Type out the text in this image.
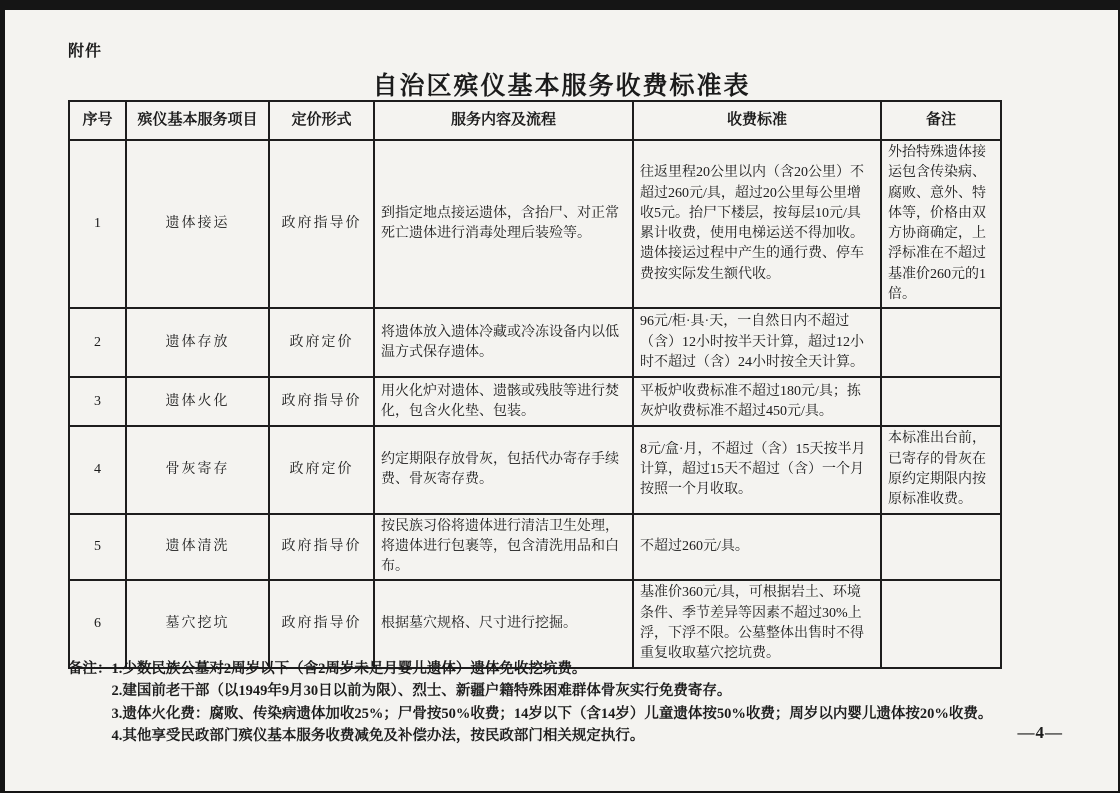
附件
自治区殡仪基本服务收费标准表
序号	殡仪基本服务项目	定价形式	服务内容及流程	收费标准	备注
1	遗体接运	政府指导价	到指定地点接运遗体，含抬尸、对正常死亡遗体进行消毒处理后装殓等。	往返里程20公里以内（含20公里）不超过260元/具，超过20公里每公里增收5元。抬尸下楼层，按每层10元/具累计收费，使用电梯运送不得加收。遗体接运过程中产生的通行费、停车费按实际发生额代收。	外抬特殊遗体接运包含传染病、腐败、意外、特体等，价格由双方协商确定，上浮标准在不超过基准价260元的1倍。
2	遗体存放	政府定价	将遗体放入遗体冷藏或冷冻设备内以低温方式保存遗体。	96元/柜·具·天，一自然日内不超过（含）12小时按半天计算，超过12小时不超过（含）24小时按全天计算。	
3	遗体火化	政府指导价	用火化炉对遗体、遗骸或残肢等进行焚化，包含火化垫、包装。	平板炉收费标准不超过180元/具；拣灰炉收费标准不超过450元/具。	
4	骨灰寄存	政府定价	约定期限存放骨灰，包括代办寄存手续费、骨灰寄存费。	8元/盒·月，不超过（含）15天按半月计算，超过15天不超过（含）一个月按照一个月收取。	本标准出台前，已寄存的骨灰在原约定期限内按原标准收费。
5	遗体清洗	政府指导价	按民族习俗将遗体进行清洁卫生处理，将遗体进行包裹等，包含清洗用品和白布。	不超过260元/具。	
6	墓穴挖坑	政府指导价	根据墓穴规格、尺寸进行挖掘。	基准价360元/具，可根据岩土、环境条件、季节差异等因素不超过30%上浮，下浮不限。公墓整体出售时不得重复收取墓穴挖坑费。	
备注： 1.少数民族公墓对2周岁以下（含2周岁未足月婴儿遗体）遗体免收挖坑费。
2.建国前老干部（以1949年9月30日以前为限）、烈士、新疆户籍特殊困难群体骨灰实行免费寄存。
3.遗体火化费：腐败、传染病遗体加收25%；尸骨按50%收费；14岁以下（含14岁）儿童遗体按50%收费；周岁以内婴儿遗体按20%收费。
4.其他享受民政部门殡仪基本服务收费减免及补偿办法，按民政部门相关规定执行。	—4—
